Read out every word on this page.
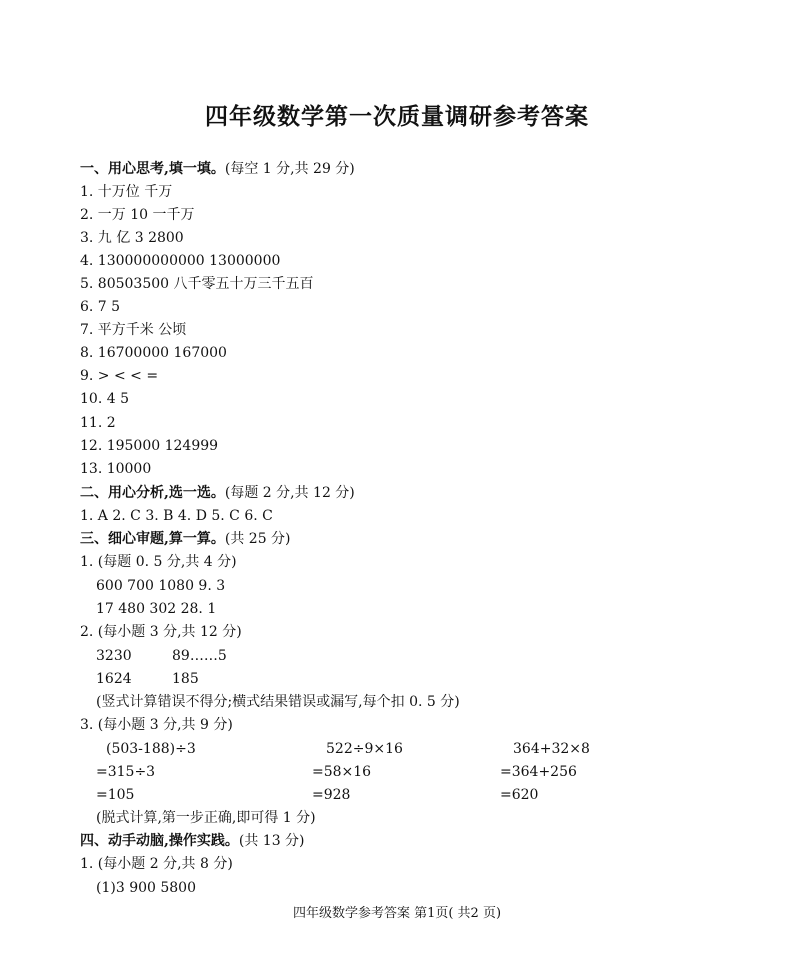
四年级数学第一次质量调研参考答案
一、用心思考,填一填。(每空 1 分,共 29 分)
1. 十万位 千万
2. 一万 10 一千万
3. 九 亿 3 2800
4. 130000000000 13000000
5. 80503500 八千零五十万三千五百
6. 7 5
7. 平方千米 公顷
8. 16700000 167000
9. > < < =
10. 4 5
11. 2
12. 195000 124999
13. 10000
二、用心分析,选一选。(每题 2 分,共 12 分)
1. A 2. C 3. B 4. D 5. C 6. C
三、细心审题,算一算。(共 25 分)
1. (每题 0. 5 分,共 4 分)
600 700 1080 9. 3
17 480 302 28. 1
2. (每小题 3 分,共 12 分)
3230	89……5
1624	185
(竖式计算错误不得分;横式结果错误或漏写,每个扣 0. 5 分)
3. (每小题 3 分,共 9 分)
(503-188)÷3
=315÷3
=105
522÷9×16
=58×16
=928
364+32×8
=364+256
=620
(脱式计算,第一步正确,即可得 1 分)
四、动手动脑,操作实践。(共 13 分)
1. (每小题 2 分,共 8 分)
(1)3 900 5800
四年级数学参考答案 第1页( 共2 页)
